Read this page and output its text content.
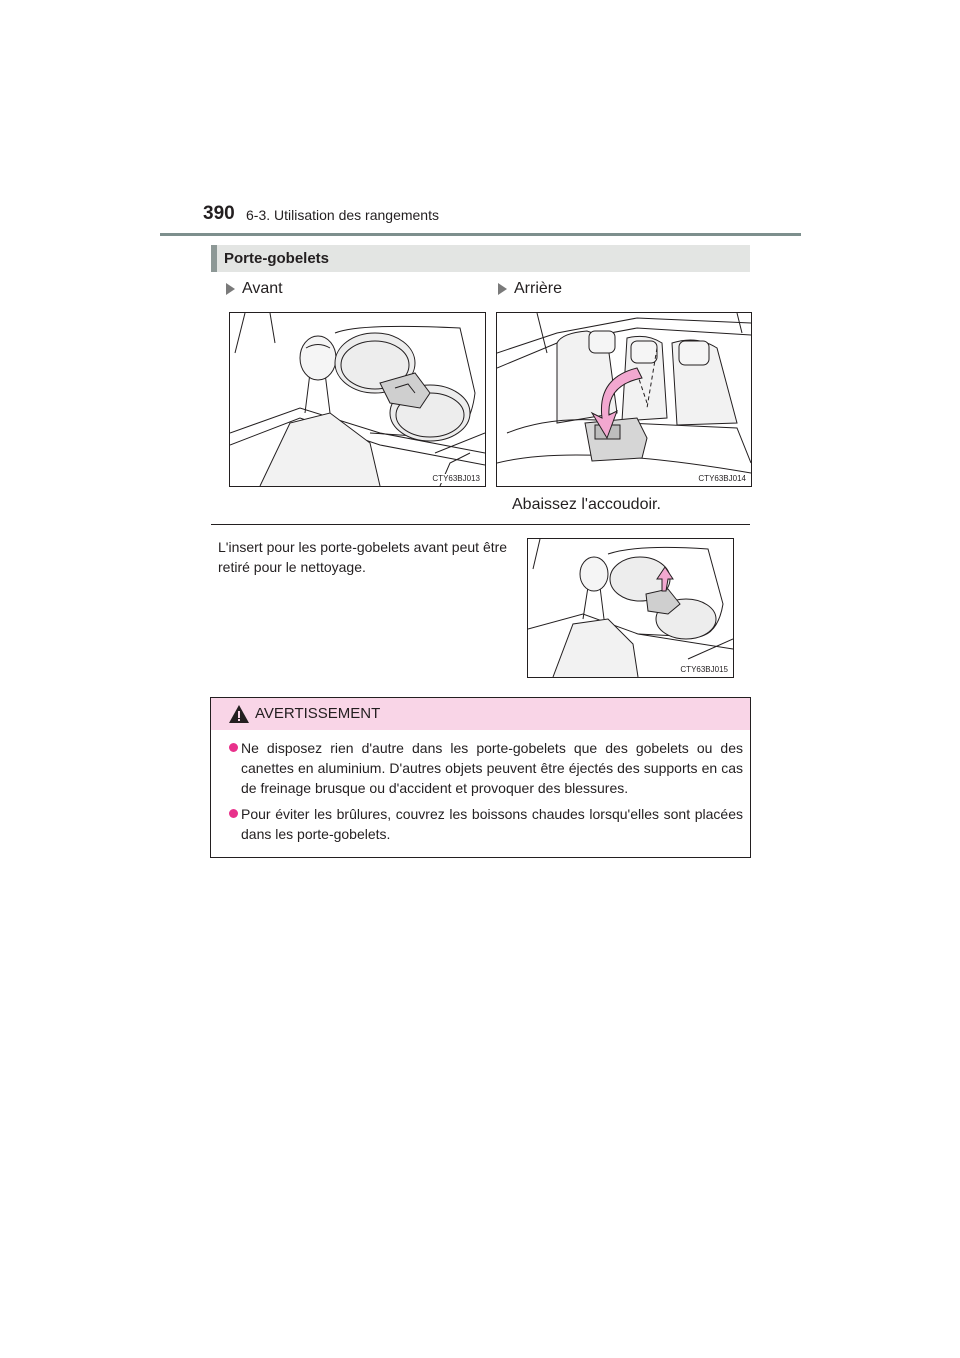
390 6-3. Utilisation des rangements
Porte-gobelets
Avant	Arrière
CTY63BJ013	CTY63BJ014
Abaissez l'accoudoir.
L'insert pour les porte-gobelets avant peut être retiré pour le nettoyage.
CTY63BJ015
AVERTISSEMENT
Ne disposez rien d'autre dans les porte-gobelets que des gobelets ou des canettes en aluminium. D'autres objets peuvent être éjectés des supports en cas de freinage brusque ou d'accident et provoquer des blessures.
Pour éviter les brûlures, couvrez les boissons chaudes lorsqu'elles sont placées dans les porte-gobelets.
